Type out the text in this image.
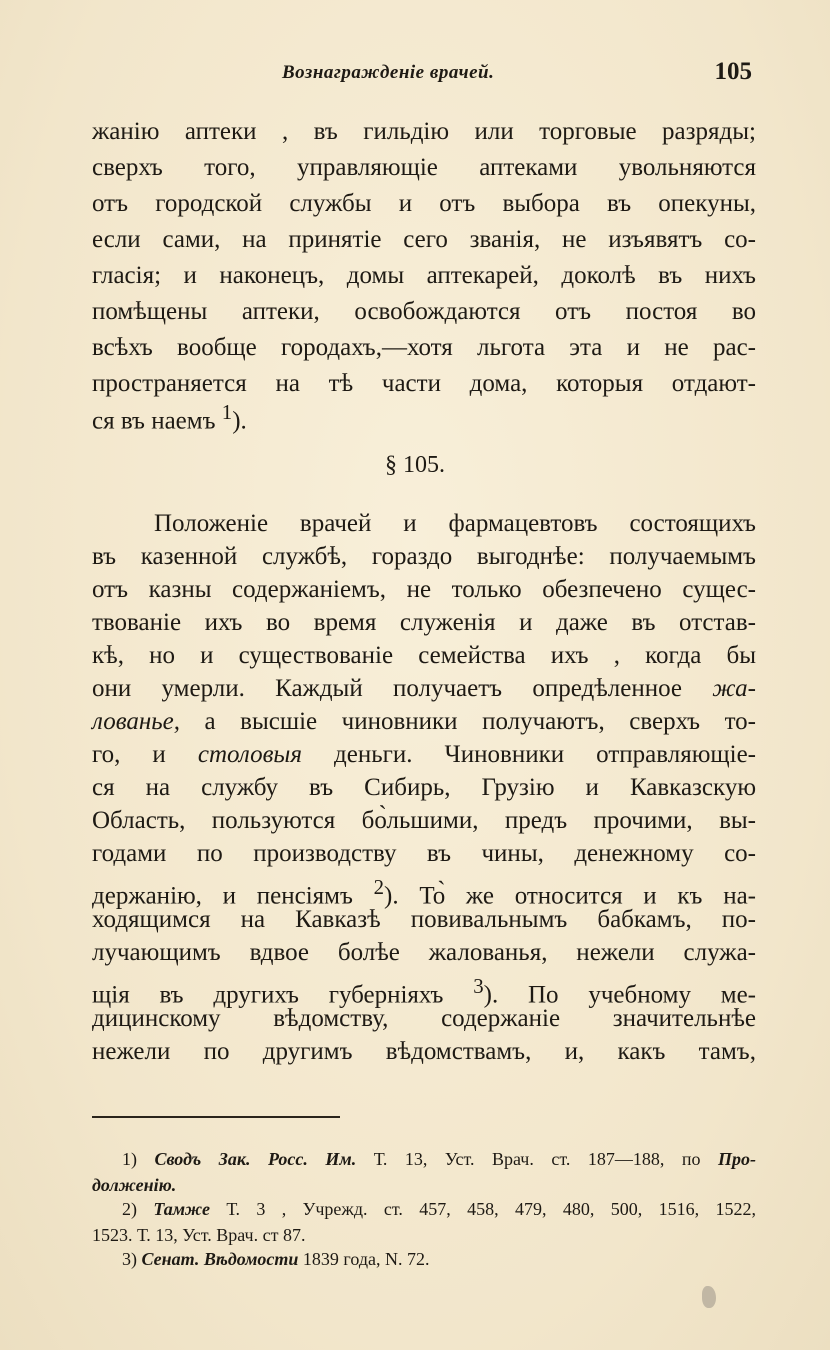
Вознагражденіе врачей.	105
жанію аптеки , въ гильдію или торговые разряды;
сверхъ того, управляющіе аптеками увольняются
отъ городской службы и отъ выбора въ опекуны,
если сами, на принятіе сего званія, не изъявятъ со-
гласія; и наконецъ, домы аптекарей, доколѣ въ нихъ
помѣщены аптеки, освобождаются отъ постоя во
всѣхъ вообще городахъ,—хотя льгота эта и не рас-
пространяется на тѣ части дома, которыя отдают-
ся въ наемъ $^1$).
§ 105.
Положеніе врачей и фармацевтовъ состоящихъ
въ казенной службѣ, гораздо выгоднѣе: получаемымъ
отъ казны содержаніемъ, не только обезпечено сущес-
твованіе ихъ во время служенія и даже въ отстав-
кѣ, но и существованіе семейства ихъ , когда бы
они умерли. Каждый получаетъ опредѣленное жа-
лованье, а высшіе чиновники получаютъ, сверхъ то-
го, и столовыя деньги. Чиновники отправляющіе-
ся на службу въ Сибирь, Грузію и Кавказскую
Область, пользуются бо̀льшими, предъ прочими, вы-
годами по производству въ чины, денежному со-
держанію, и пенсіямъ $^2$). То̀ же относится и къ на-
ходящимся на Кавказѣ повивальнымъ бабкамъ, по-
лучающимъ вдвое болѣе жалованья, нежели служа-
щія въ другихъ губерніяхъ $^3$). По учебному ме-
дицинскому вѣдомству, содержаніе значительнѣе
нежели по другимъ вѣдомствамъ, и, какъ тамъ,
1) Сводъ Зак. Росс. Им. Т. 13, Уст. Врач. ст. 187—188, по Про-
долженію.
2) Тамже Т. 3 , Учрежд. ст. 457, 458, 479, 480, 500, 1516, 1522,
1523. Т. 13, Уст. Врач. ст 87.
3) Сенат. Вѣдомости 1839 года, N. 72.
